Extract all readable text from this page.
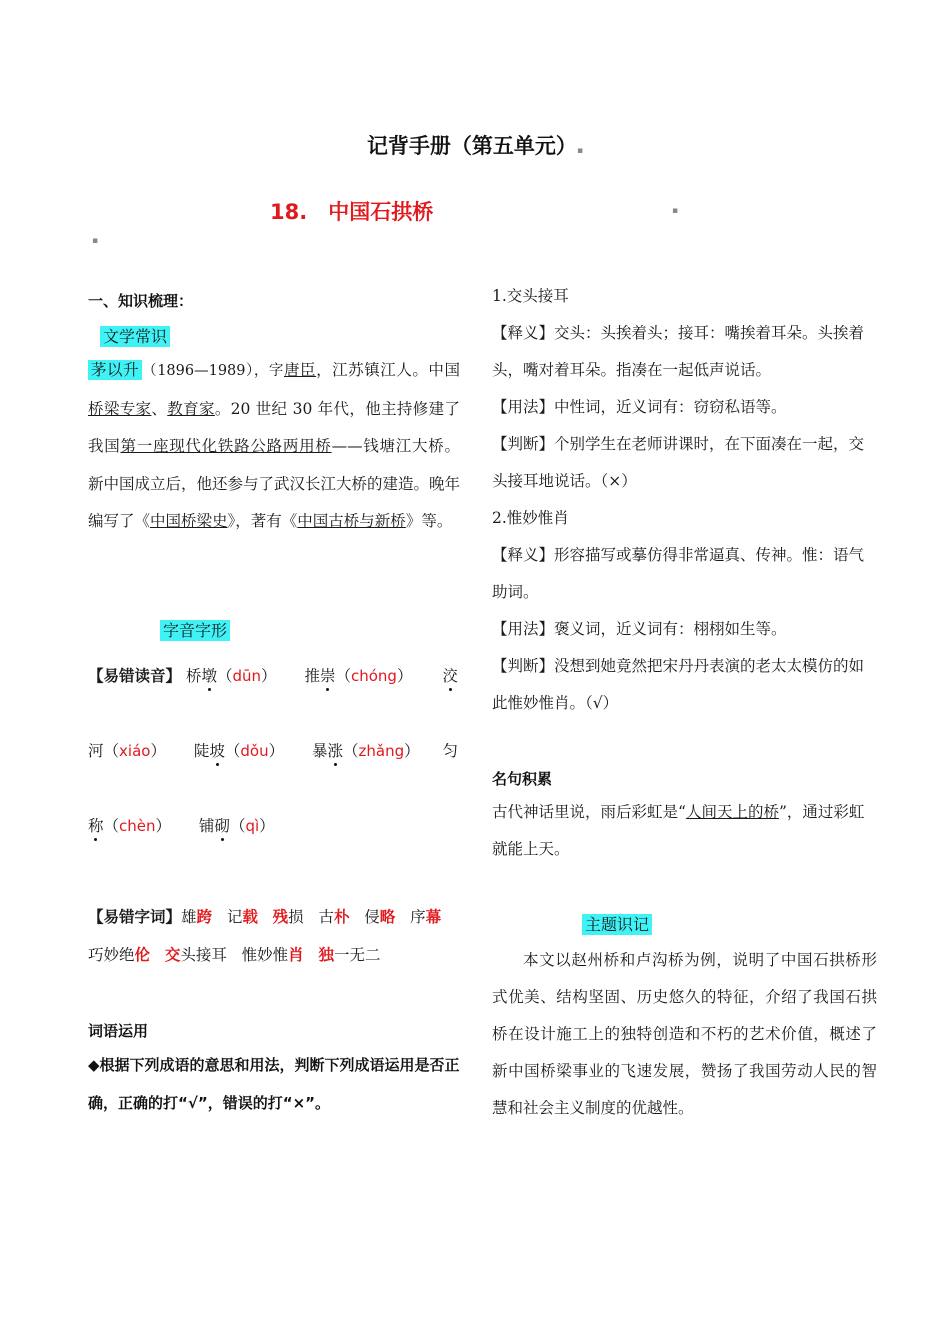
记背手册（第五单元）▪
18.　中国石拱桥	▪
▪
一、知识梳理：
文学常识
茅以升 （1896—1989），字唐臣，江苏镇江人。中国桥梁专家、教育家。20 世纪 30 年代，他主持修建了我国第一座现代化铁路公路两用桥——钱塘江大桥。新中国成立后，他还参与了武汉长江大桥的建造。晚年编写了《中国桥梁史》，著有《中国古桥与新桥》等。
字音字形
【易错读音】 桥墩（dūn） 推崇（chóng） 洨
河（xiáo） 陡坡（dǒu） 暴涨（zhǎng） 匀
称（chèn） 铺砌（qì）
【易错字词】雄跨 记载 残损 古朴 侵略 序幕   巧妙绝伦 交头接耳 惟妙惟肖 独一无二
词语运用
◆根据下列成语的意思和用法，判断下列成语运用是否正确，正确的打“√”，错误的打“×”。
1.交头接耳
【释义】交头：头挨着头；接耳：嘴挨着耳朵。头挨着头，嘴对着耳朵。指凑在一起低声说话。
【用法】中性词，近义词有：窃窃私语等。
【判断】个别学生在老师讲课时，在下面凑在一起，交头接耳地说话。（×）
2.惟妙惟肖
【释义】形容描写或摹仿得非常逼真、传神。惟：语气助词。
【用法】褒义词，近义词有：栩栩如生等。
【判断】没想到她竟然把宋丹丹表演的老太太模仿的如此惟妙惟肖。（√）
名句积累
古代神话里说，雨后彩虹是“人间天上的桥”，通过彩虹就能上天。
主题识记
本文以赵州桥和卢沟桥为例，说明了中国石拱桥形式优美、结构坚固、历史悠久的特征，介绍了我国石拱桥在设计施工上的独特创造和不朽的艺术价值，概述了新中国桥梁事业的飞速发展，赞扬了我国劳动人民的智慧和社会主义制度的优越性。
